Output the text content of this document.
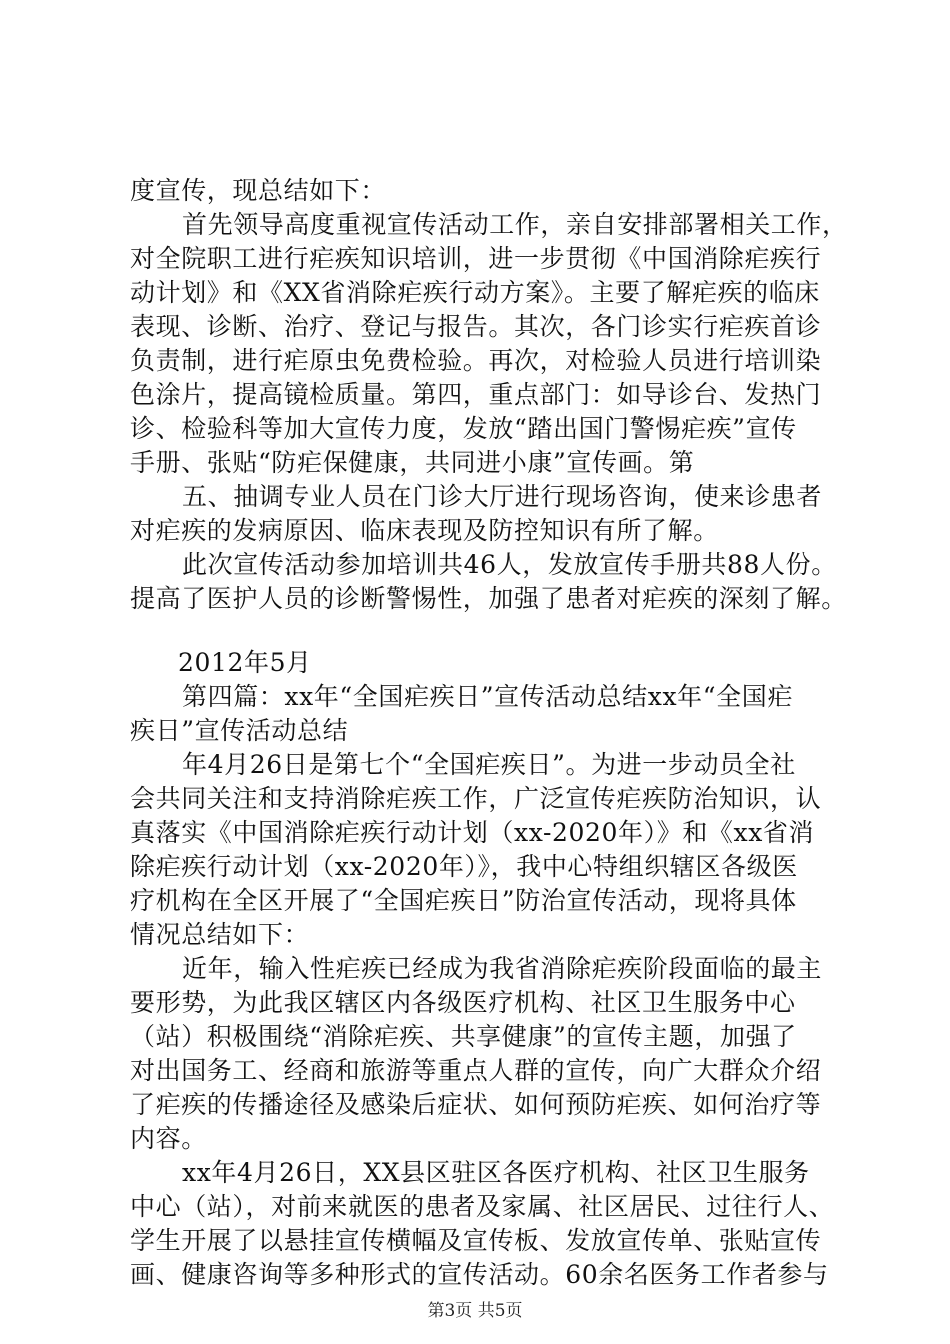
度宣传，现总结如下：
首先领导高度重视宣传活动工作，亲自安排部署相关工作，
对全院职工进行疟疾知识培训，进一步贯彻《中国消除疟疾行
动计划》和《XX省消除疟疾行动方案》。主要了解疟疾的临床
表现、诊断、治疗、登记与报告。其次，各门诊实行疟疾首诊
负责制，进行疟原虫免费检验。再次，对检验人员进行培训染
色涂片，提高镜检质量。第四，重点部门：如导诊台、发热门
诊、检验科等加大宣传力度，发放“踏出国门警惕疟疾”宣传
手册、张贴“防疟保健康，共同进小康”宣传画。第
五、抽调专业人员在门诊大厅进行现场咨询，使来诊患者
对疟疾的发病原因、临床表现及防控知识有所了解。
此次宣传活动参加培训共46人，发放宣传手册共88人份。
提高了医护人员的诊断警惕性，加强了患者对疟疾的深刻了解。
2012年5月
第四篇：xx年“全国疟疾日”宣传活动总结xx年“全国疟
疾日”宣传活动总结
年4月26日是第七个“全国疟疾日”。为进一步动员全社
会共同关注和支持消除疟疾工作，广泛宣传疟疾防治知识，认
真落实《中国消除疟疾行动计划（xx-2020年）》和《xx省消
除疟疾行动计划（xx-2020年）》，我中心特组织辖区各级医
疗机构在全区开展了“全国疟疾日”防治宣传活动，现将具体
情况总结如下：
近年，输入性疟疾已经成为我省消除疟疾阶段面临的最主
要形势，为此我区辖区内各级医疗机构、社区卫生服务中心
（站）积极围绕“消除疟疾、共享健康”的宣传主题，加强了
对出国务工、经商和旅游等重点人群的宣传，向广大群众介绍
了疟疾的传播途径及感染后症状、如何预防疟疾、如何治疗等
内容。
xx年4月26日，XX县区驻区各医疗机构、社区卫生服务
中心（站），对前来就医的患者及家属、社区居民、过往行人、
学生开展了以悬挂宣传横幅及宣传板、发放宣传单、张贴宣传
画、健康咨询等多种形式的宣传活动。60余名医务工作者参与
第3页 共5页
